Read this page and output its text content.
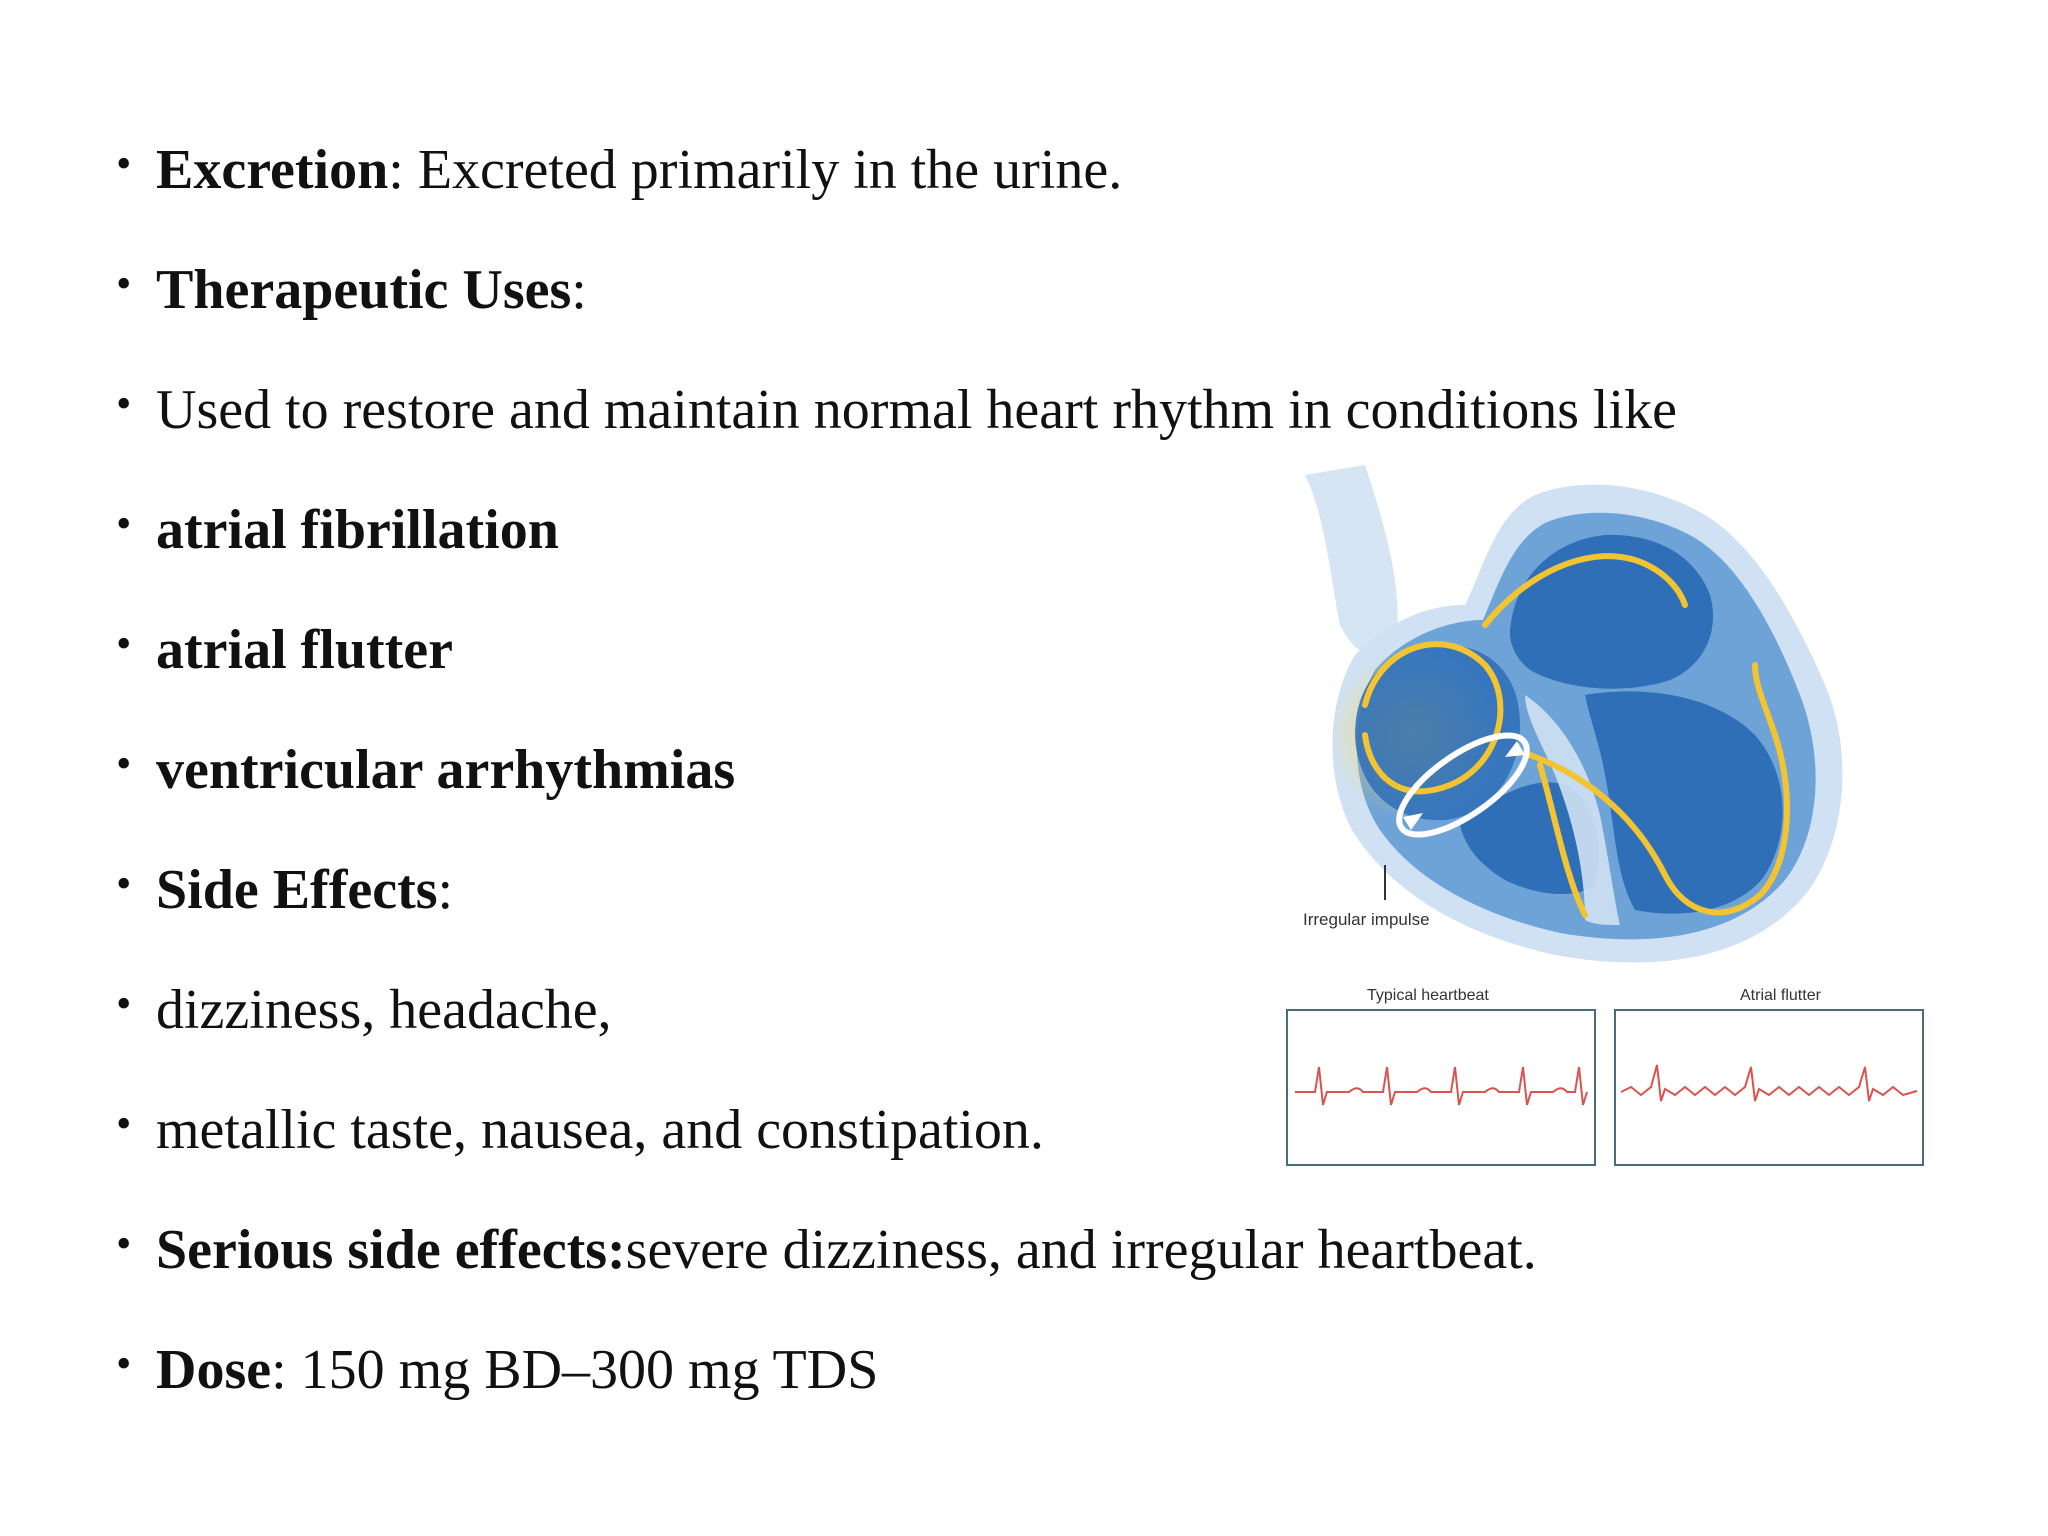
• Excretion : Excreted primarily in the urine.
• Therapeutic Uses :
• Used to restore and maintain normal heart rhythm in conditions like
• atrial fibrillation
• atrial flutter
• ventricular arrhythmias
• Side Effects :
• dizziness, headache,
• metallic taste, nausea, and constipation.
• Serious side effects: severe dizziness, and irregular heartbeat.
• Dose : 150 mg BD–300 mg TDS
Irregular impulse
Typical heartbeat	Atrial flutter
